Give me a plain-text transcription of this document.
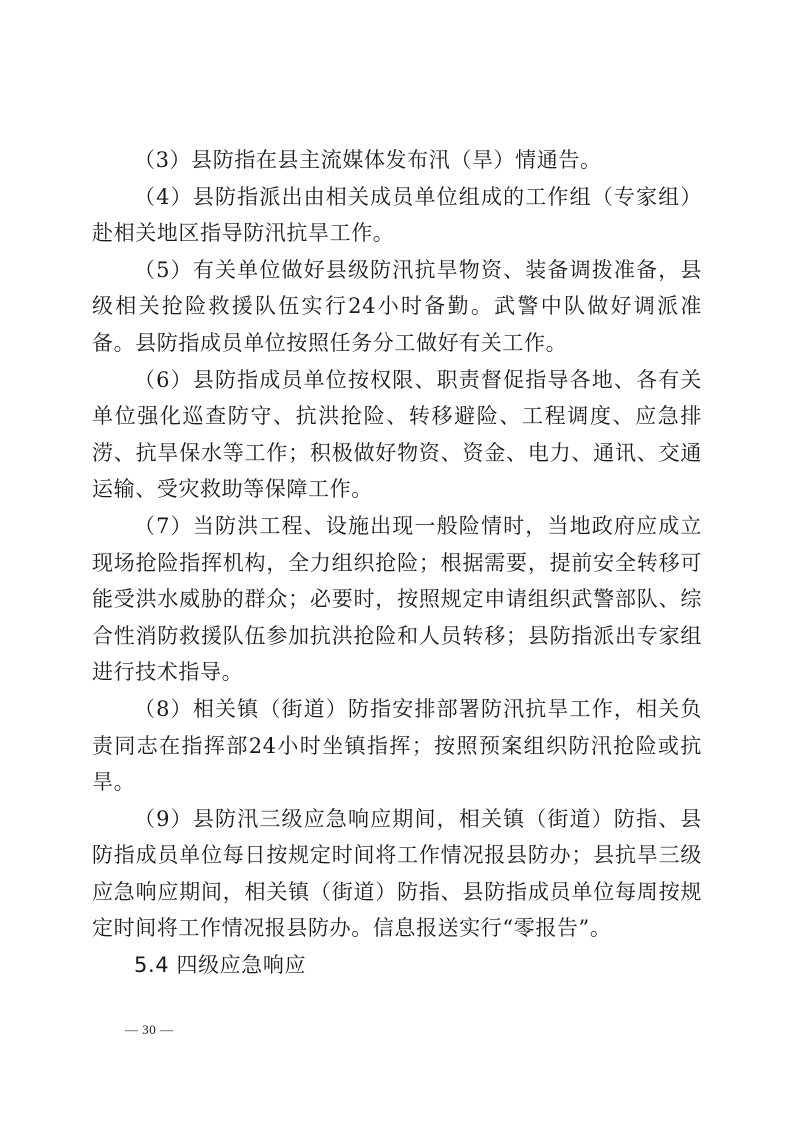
（3）县防指在县主流媒体发布汛（旱）情通告。

（4）县防指派出由相关成员单位组成的工作组（专家组）赴相关地区指导防汛抗旱工作。

（5）有关单位做好县级防汛抗旱物资、装备调拨准备，县级相关抢险救援队伍实行24小时备勤。武警中队做好调派准备。县防指成员单位按照任务分工做好有关工作。

（6）县防指成员单位按权限、职责督促指导各地、各有关单位强化巡查防守、抗洪抢险、转移避险、工程调度、应急排涝、抗旱保水等工作；积极做好物资、资金、电力、通讯、交通运输、受灾救助等保障工作。

（7）当防洪工程、设施出现一般险情时，当地政府应成立现场抢险指挥机构，全力组织抢险；根据需要，提前安全转移可能受洪水威胁的群众；必要时，按照规定申请组织武警部队、综合性消防救援队伍参加抗洪抢险和人员转移；县防指派出专家组进行技术指导。

（8）相关镇（街道）防指安排部署防汛抗旱工作，相关负责同志在指挥部24小时坐镇指挥；按照预案组织防汛抢险或抗旱。

（9）县防汛三级应急响应期间，相关镇（街道）防指、县防指成员单位每日按规定时间将工作情况报县防办；县抗旱三级应急响应期间，相关镇（街道）防指、县防指成员单位每周按规定时间将工作情况报县防办。信息报送实行“零报告”。

5.4 四级应急响应
— 30 —
